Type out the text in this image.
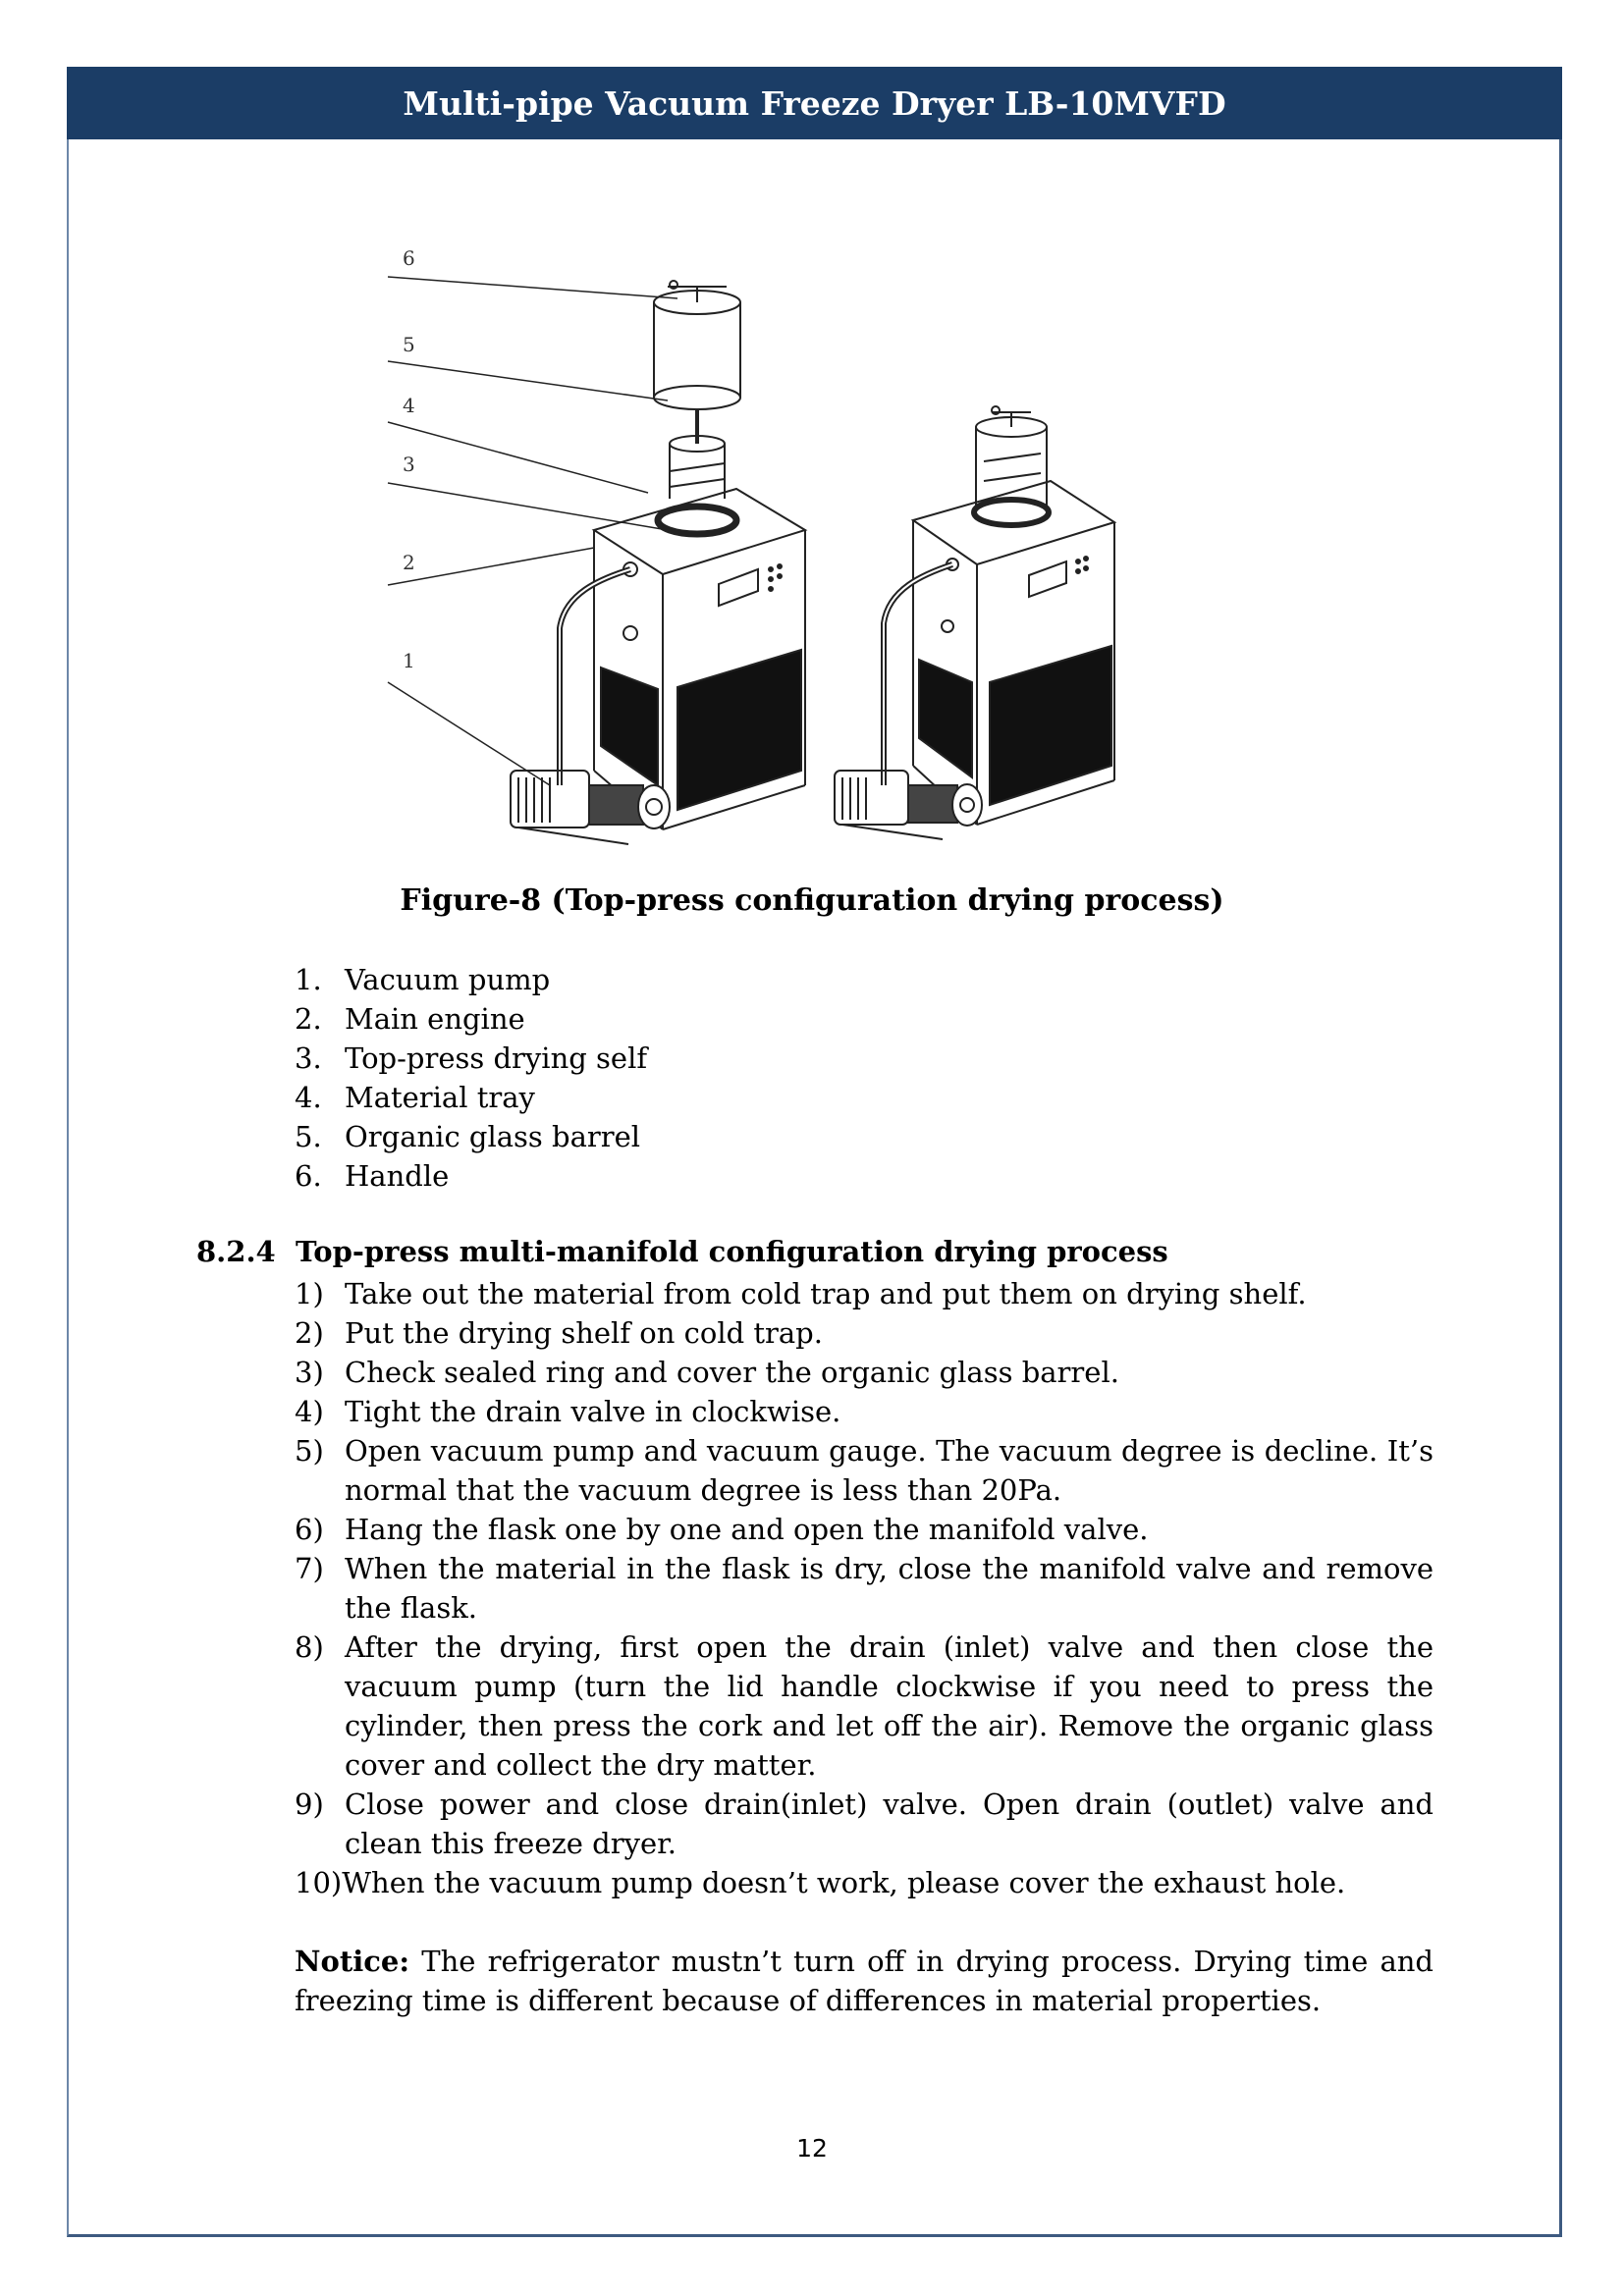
Multi-pipe Vacuum Freeze Dryer LB-10MVFD
6
5
4
3
2
1
Figure-8 (Top-press configuration drying process)
1. Vacuum pump
2. Main engine
3. Top-press drying self
4. Material tray
5. Organic glass barrel
6. Handle
8.2.4 Top-press multi-manifold configuration drying process
1) Take out the material from cold trap and put them on drying shelf.
2) Put the drying shelf on cold trap.
3) Check sealed ring and cover the organic glass barrel.
4) Tight the drain valve in clockwise.
5) Open vacuum pump and vacuum gauge. The vacuum degree is decline. It’s normal that the vacuum degree is less than 20Pa.
6) Hang the flask one by one and open the manifold valve.
7) When the material in the flask is dry, close the manifold valve and remove the flask.
8) After the drying, first open the drain (inlet) valve and then close the vacuum pump (turn the lid handle clockwise if you need to press the cylinder, then press the cork and let off the air). Remove the organic glass cover and collect the dry matter.
9) Close power and close drain(inlet) valve. Open drain (outlet) valve and clean this freeze dryer.
10) When the vacuum pump doesn’t work, please cover the exhaust hole.

Notice: The refrigerator mustn’t turn off in drying process. Drying time and freezing time is different because of differences in material properties.

12
